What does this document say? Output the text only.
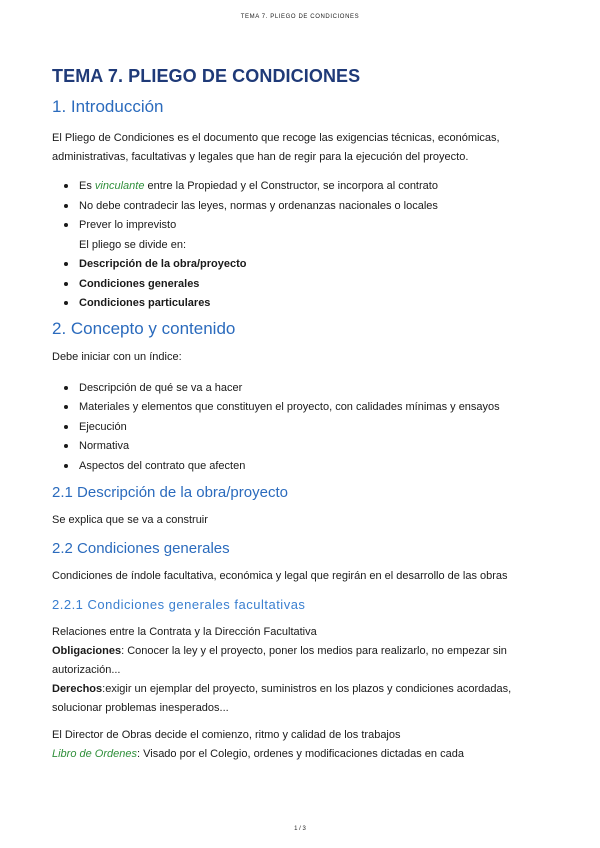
TEMA 7. PLIEGO DE CONDICIONES
TEMA 7. PLIEGO DE CONDICIONES
1. Introducción

El Pliego de Condiciones es el documento que recoge las exigencias técnicas, económicas, administrativas, facultativas y legales que han de regir para la ejecución del proyecto.

Es vinculante entre la Propiedad y el Constructor, se incorpora al contrato
No debe contradecir las leyes, normas y ordenanzas nacionales o locales
Prever lo imprevisto
El pliego se divide en:
Descripción de la obra/proyecto
Condiciones generales
Condiciones particulares
2. Concepto y contenido

Debe iniciar con un índice:

Descripción de qué se va a hacer
Materiales y elementos que constituyen el proyecto, con calidades mínimas y ensayos
Ejecución
Normativa
Aspectos del contrato que afecten
2.1 Descripción de la obra/proyecto

Se explica que se va a construir

2.2 Condiciones generales

Condiciones de índole facultativa, económica y legal que regirán en el desarrollo de las obras

2.2.1 Condiciones generales facultativas

Relaciones entre la Contrata y la Dirección Facultativa

Obligaciones: Conocer la ley y el proyecto, poner los medios para realizarlo, no empezar sin autorización...

Derechos:exigir un ejemplar del proyecto, suministros en los plazos y condiciones acordadas, solucionar problemas inesperados...

El Director de Obras decide el comienzo, ritmo y calidad de los trabajos

Libro de Ordenes: Visado por el Colegio, ordenes y modificaciones dictadas en cada

1 / 3
